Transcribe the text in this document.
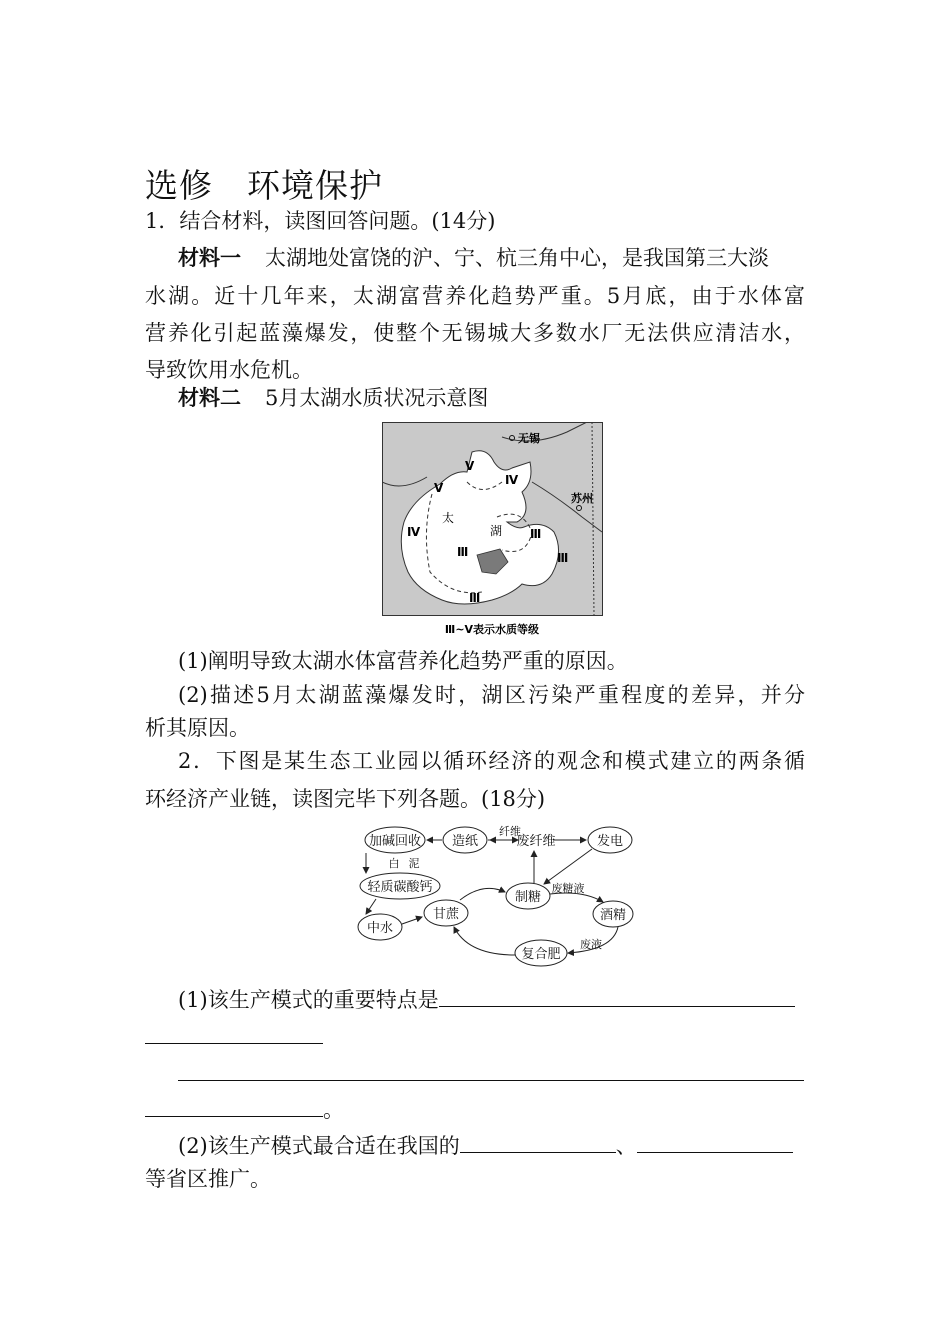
选修　环境保护
1．结合材料，读图回答问题。(14分)
材料一 太湖地处富饶的沪、宁、杭三角中心，是我国第三大淡
水湖。近十几年来，太湖富营养化趋势严重。5月底，由于水体富
营养化引起蓝藻爆发，使整个无锡城大多数水厂无法供应清洁水，
导致饮用水危机。
材料二 5月太湖水质状况示意图
无锡
苏州
太
湖
Ⅴ
Ⅴ
Ⅳ
Ⅳ
Ⅲ
Ⅲ
Ⅲ
Ⅲ
Ⅲ~Ⅴ表示水质等级
(1)阐明导致太湖水体富营养化趋势严重的原因。
(2)描述5月太湖蓝藻爆发时，湖区污染严重程度的差异，并分
析其原因。
2．下图是某生态工业园以循环经济的观念和模式建立的两条循
环经济产业链，读图完毕下列各题。(18分)
加碱回收 造纸	废纤维	发电
轻质碳酸钙
中水
甘蔗
制糖
酒精
复合肥
纤维
白 泥
废糖液
废液
(1)该生产模式的重要特点是
。
(2)该生产模式最合适在我国的	、
等省区推广。
